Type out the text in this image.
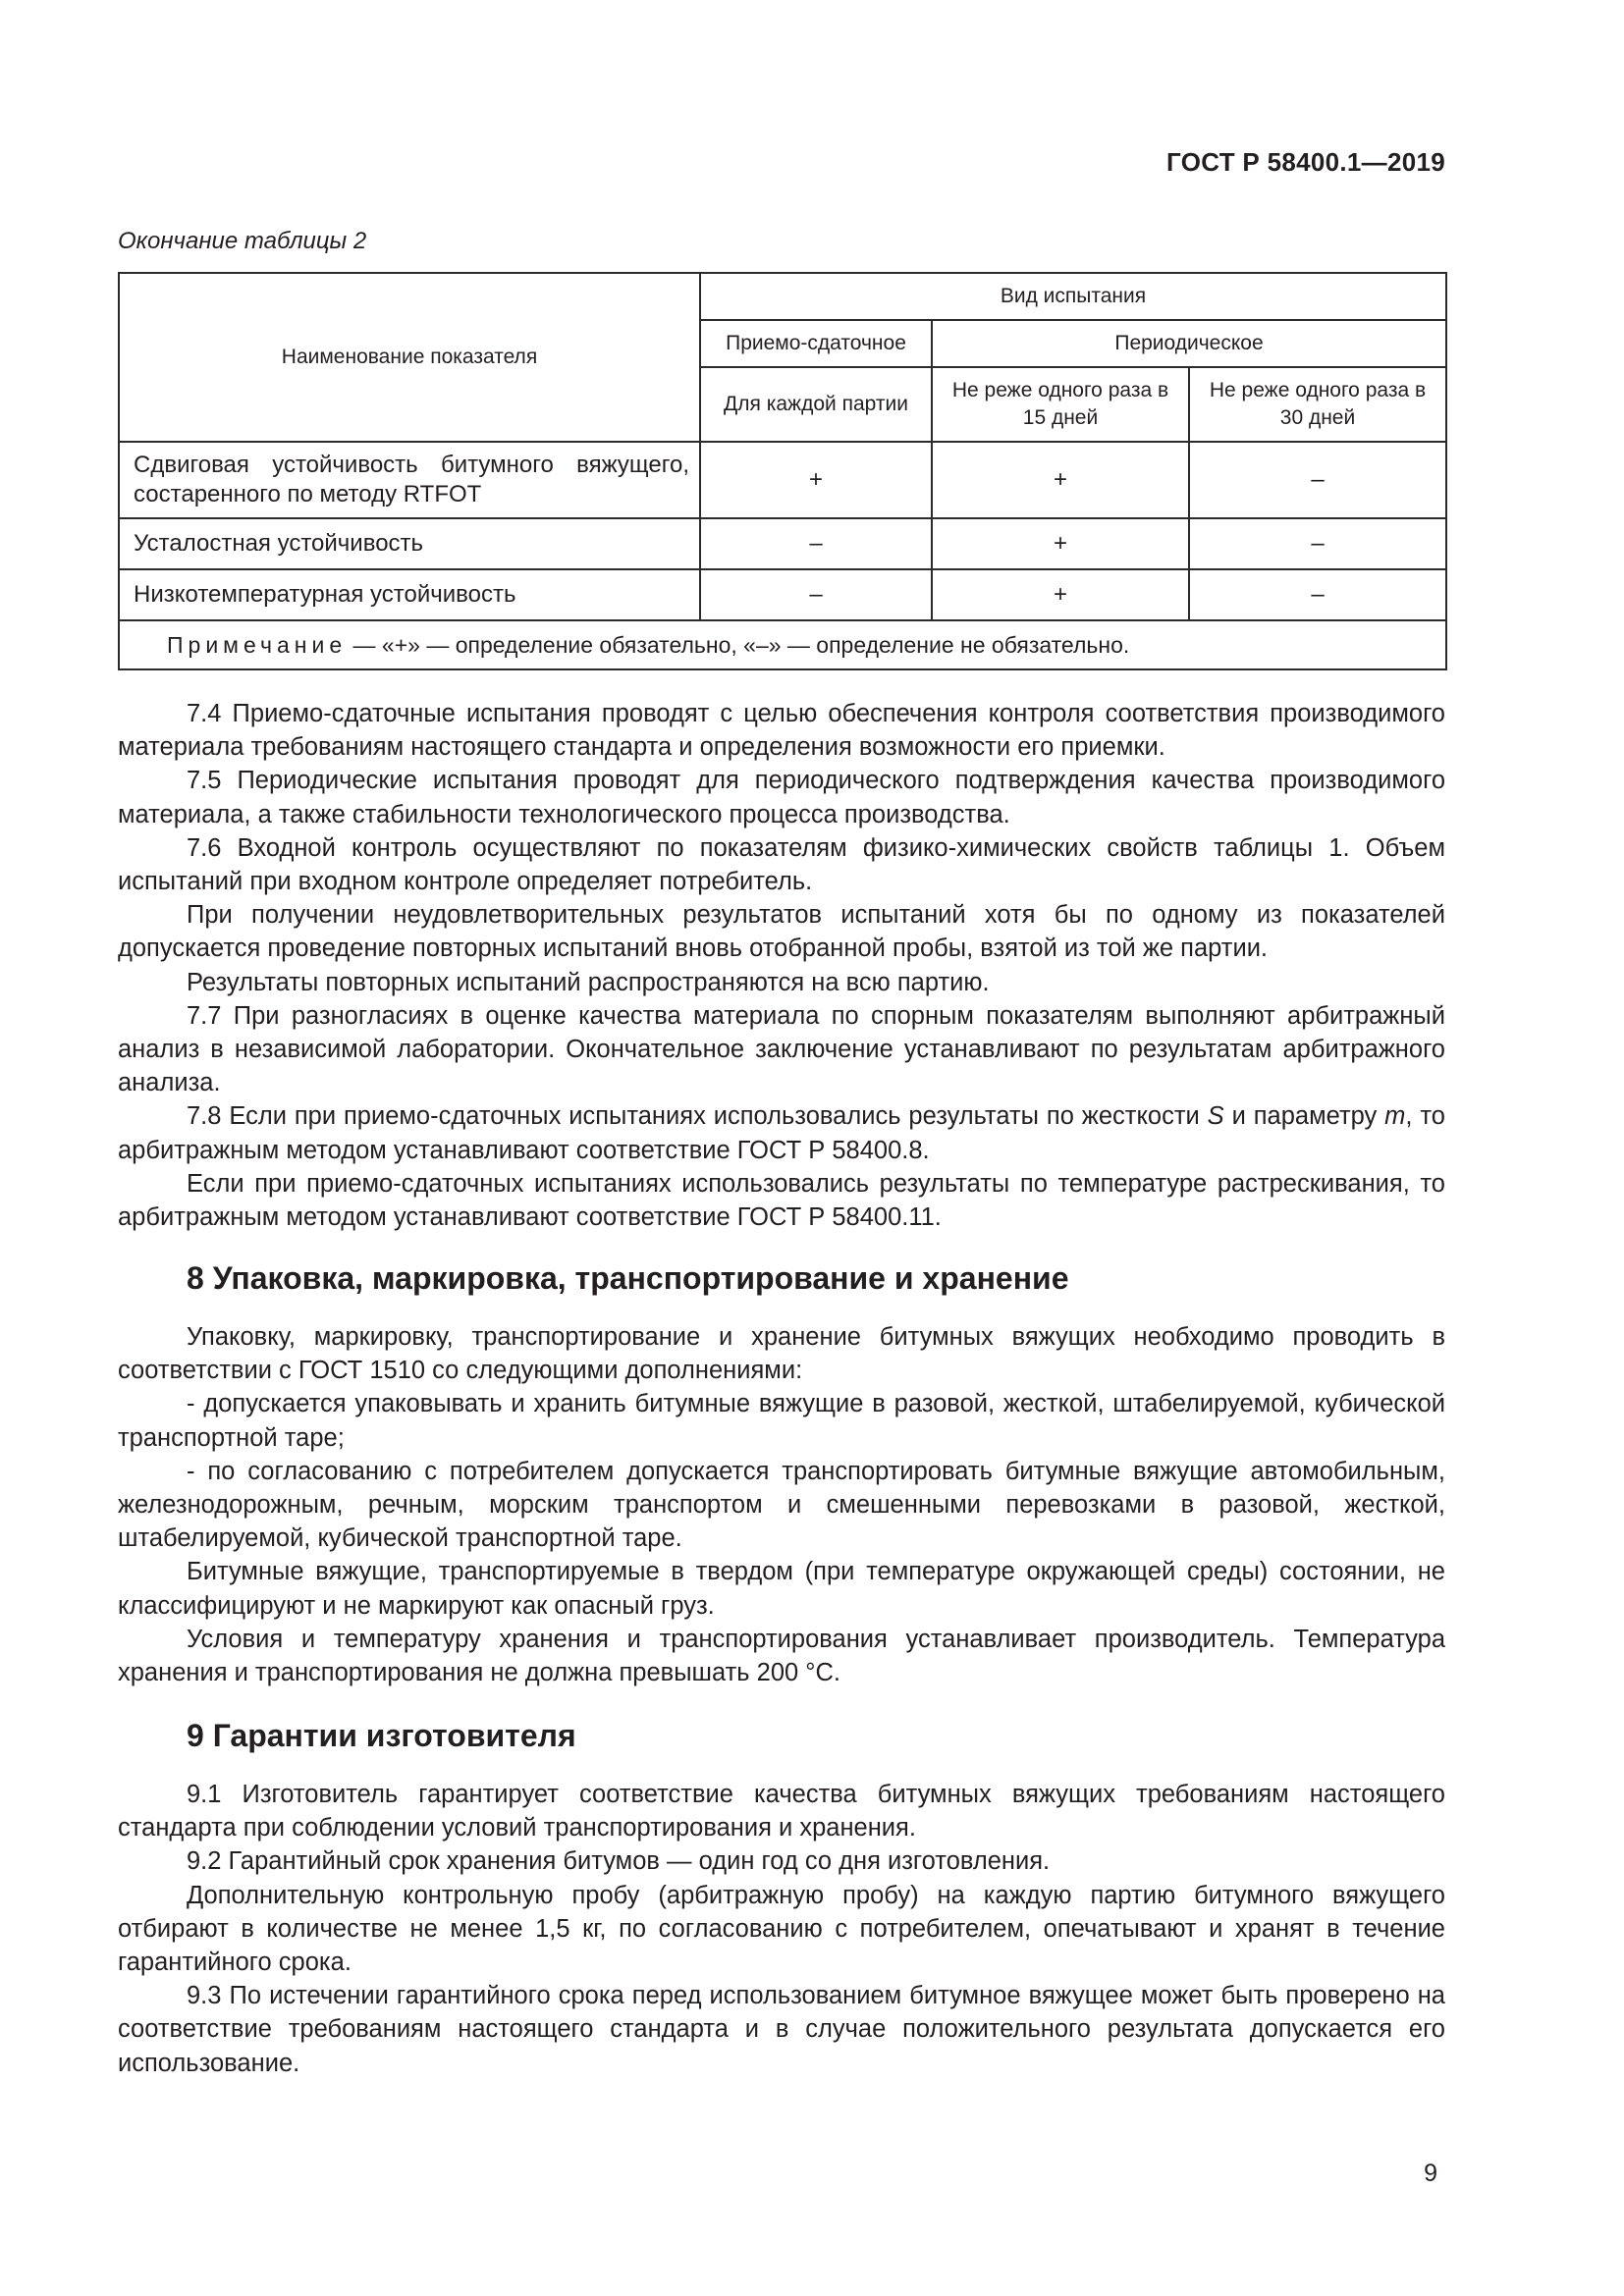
ГОСТ Р 58400.1—2019
Окончание таблицы 2
Наименование показателя	Вид испытания		
	Приемо-сдаточное	Периодическое	
	Для каждой партии	Не реже одного раза в 15 дней	Не реже одного раза в 30 дней
Сдвиговая устойчивость битумного вяжущего, состаренного по методу RTFOT	+	+	–
Усталостная устойчивость	–	+	–
Низкотемпературная устойчивость	–	+	–
Примечание — «+» — определение обязательно, «–» — определение не обязательно.			

7.4 Приемо-сдаточные испытания проводят с целью обеспечения контроля соответствия производимого материала требованиям настоящего стандарта и определения возможности его приемки.

7.5 Периодические испытания проводят для периодического подтверждения качества производимого материала, а также стабильности технологического процесса производства.

7.6 Входной контроль осуществляют по показателям физико-химических свойств таблицы 1. Объем испытаний при входном контроле определяет потребитель.

При получении неудовлетворительных результатов испытаний хотя бы по одному из показателей допускается проведение повторных испытаний вновь отобранной пробы, взятой из той же партии.

Результаты повторных испытаний распространяются на всю партию.

7.7 При разногласиях в оценке качества материала по спорным показателям выполняют арбитражный анализ в независимой лаборатории. Окончательное заключение устанавливают по результатам арбитражного анализа.

7.8 Если при приемо-сдаточных испытаниях использовались результаты по жесткости S и параметру m, то арбитражным методом устанавливают соответствие ГОСТ Р 58400.8.

Если при приемо-сдаточных испытаниях использовались результаты по температуре растрескивания, то арбитражным методом устанавливают соответствие ГОСТ Р 58400.11.

8 Упаковка, маркировка, транспортирование и хранение

Упаковку, маркировку, транспортирование и хранение битумных вяжущих необходимо проводить в соответствии с ГОСТ 1510 со следующими дополнениями:

- допускается упаковывать и хранить битумные вяжущие в разовой, жесткой, штабелируемой, кубической транспортной таре;

- по согласованию с потребителем допускается транспортировать битумные вяжущие автомобильным, железнодорожным, речным, морским транспортом и смешенными перевозками в разовой, жесткой, штабелируемой, кубической транспортной таре.

Битумные вяжущие, транспортируемые в твердом (при температуре окружающей среды) состоянии, не классифицируют и не маркируют как опасный груз.

Условия и температуру хранения и транспортирования устанавливает производитель. Температура хранения и транспортирования не должна превышать 200 °С.

9 Гарантии изготовителя

9.1 Изготовитель гарантирует соответствие качества битумных вяжущих требованиям настоящего стандарта при соблюдении условий транспортирования и хранения.

9.2 Гарантийный срок хранения битумов — один год со дня изготовления.

Дополнительную контрольную пробу (арбитражную пробу) на каждую партию битумного вяжущего отбирают в количестве не менее 1,5 кг, по согласованию с потребителем, опечатывают и хранят в течение гарантийного срока.

9.3 По истечении гарантийного срока перед использованием битумное вяжущее может быть проверено на соответствие требованиям настоящего стандарта и в случае положительного результата допускается его использование.

9
